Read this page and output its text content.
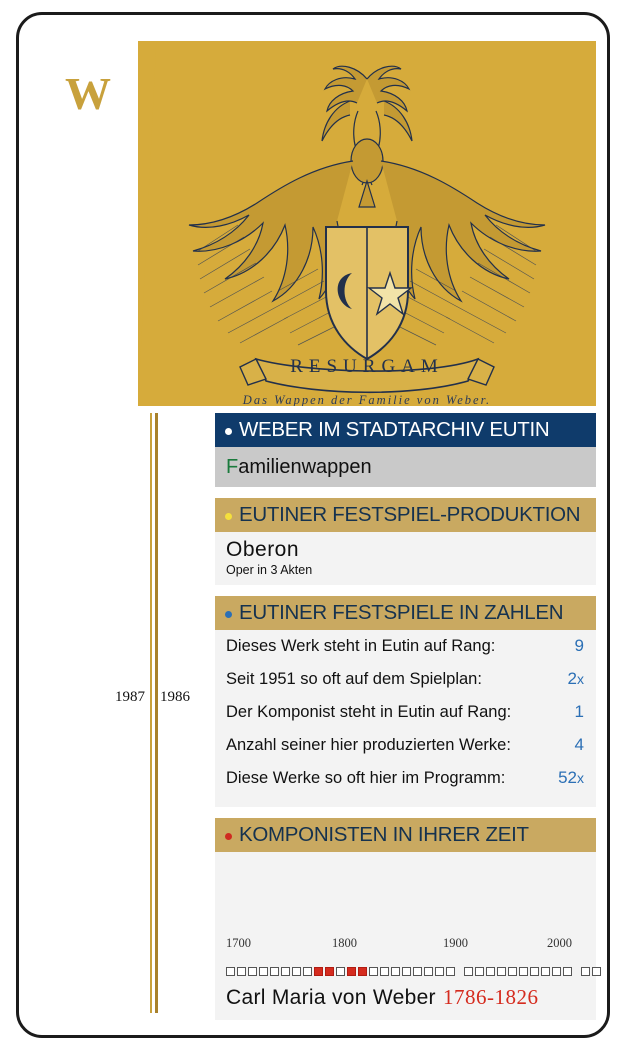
W
RESURGAM
Das Wappen der Familie von Weber.
1987 1986
WEBER IM STADTARCHIV EUTIN
F amilienwappen
EUTINER FESTSPIEL-PRODUKTION
Oberon
Oper in 3 Akten
EUTINER FESTSPIELE IN ZAHLEN
Dieses Werk steht in Eutin auf Rang:	9
Seit 1951 so oft auf dem Spielplan:	2x
Der Komponist steht in Eutin auf Rang:	1
Anzahl seiner hier produzierten Werke:	4
Diese Werke so oft hier im Programm:	52x
KOMPONISTEN IN IHRER ZEIT
1700	1800	1900	2000
Carl Maria von Weber 1786-1826
